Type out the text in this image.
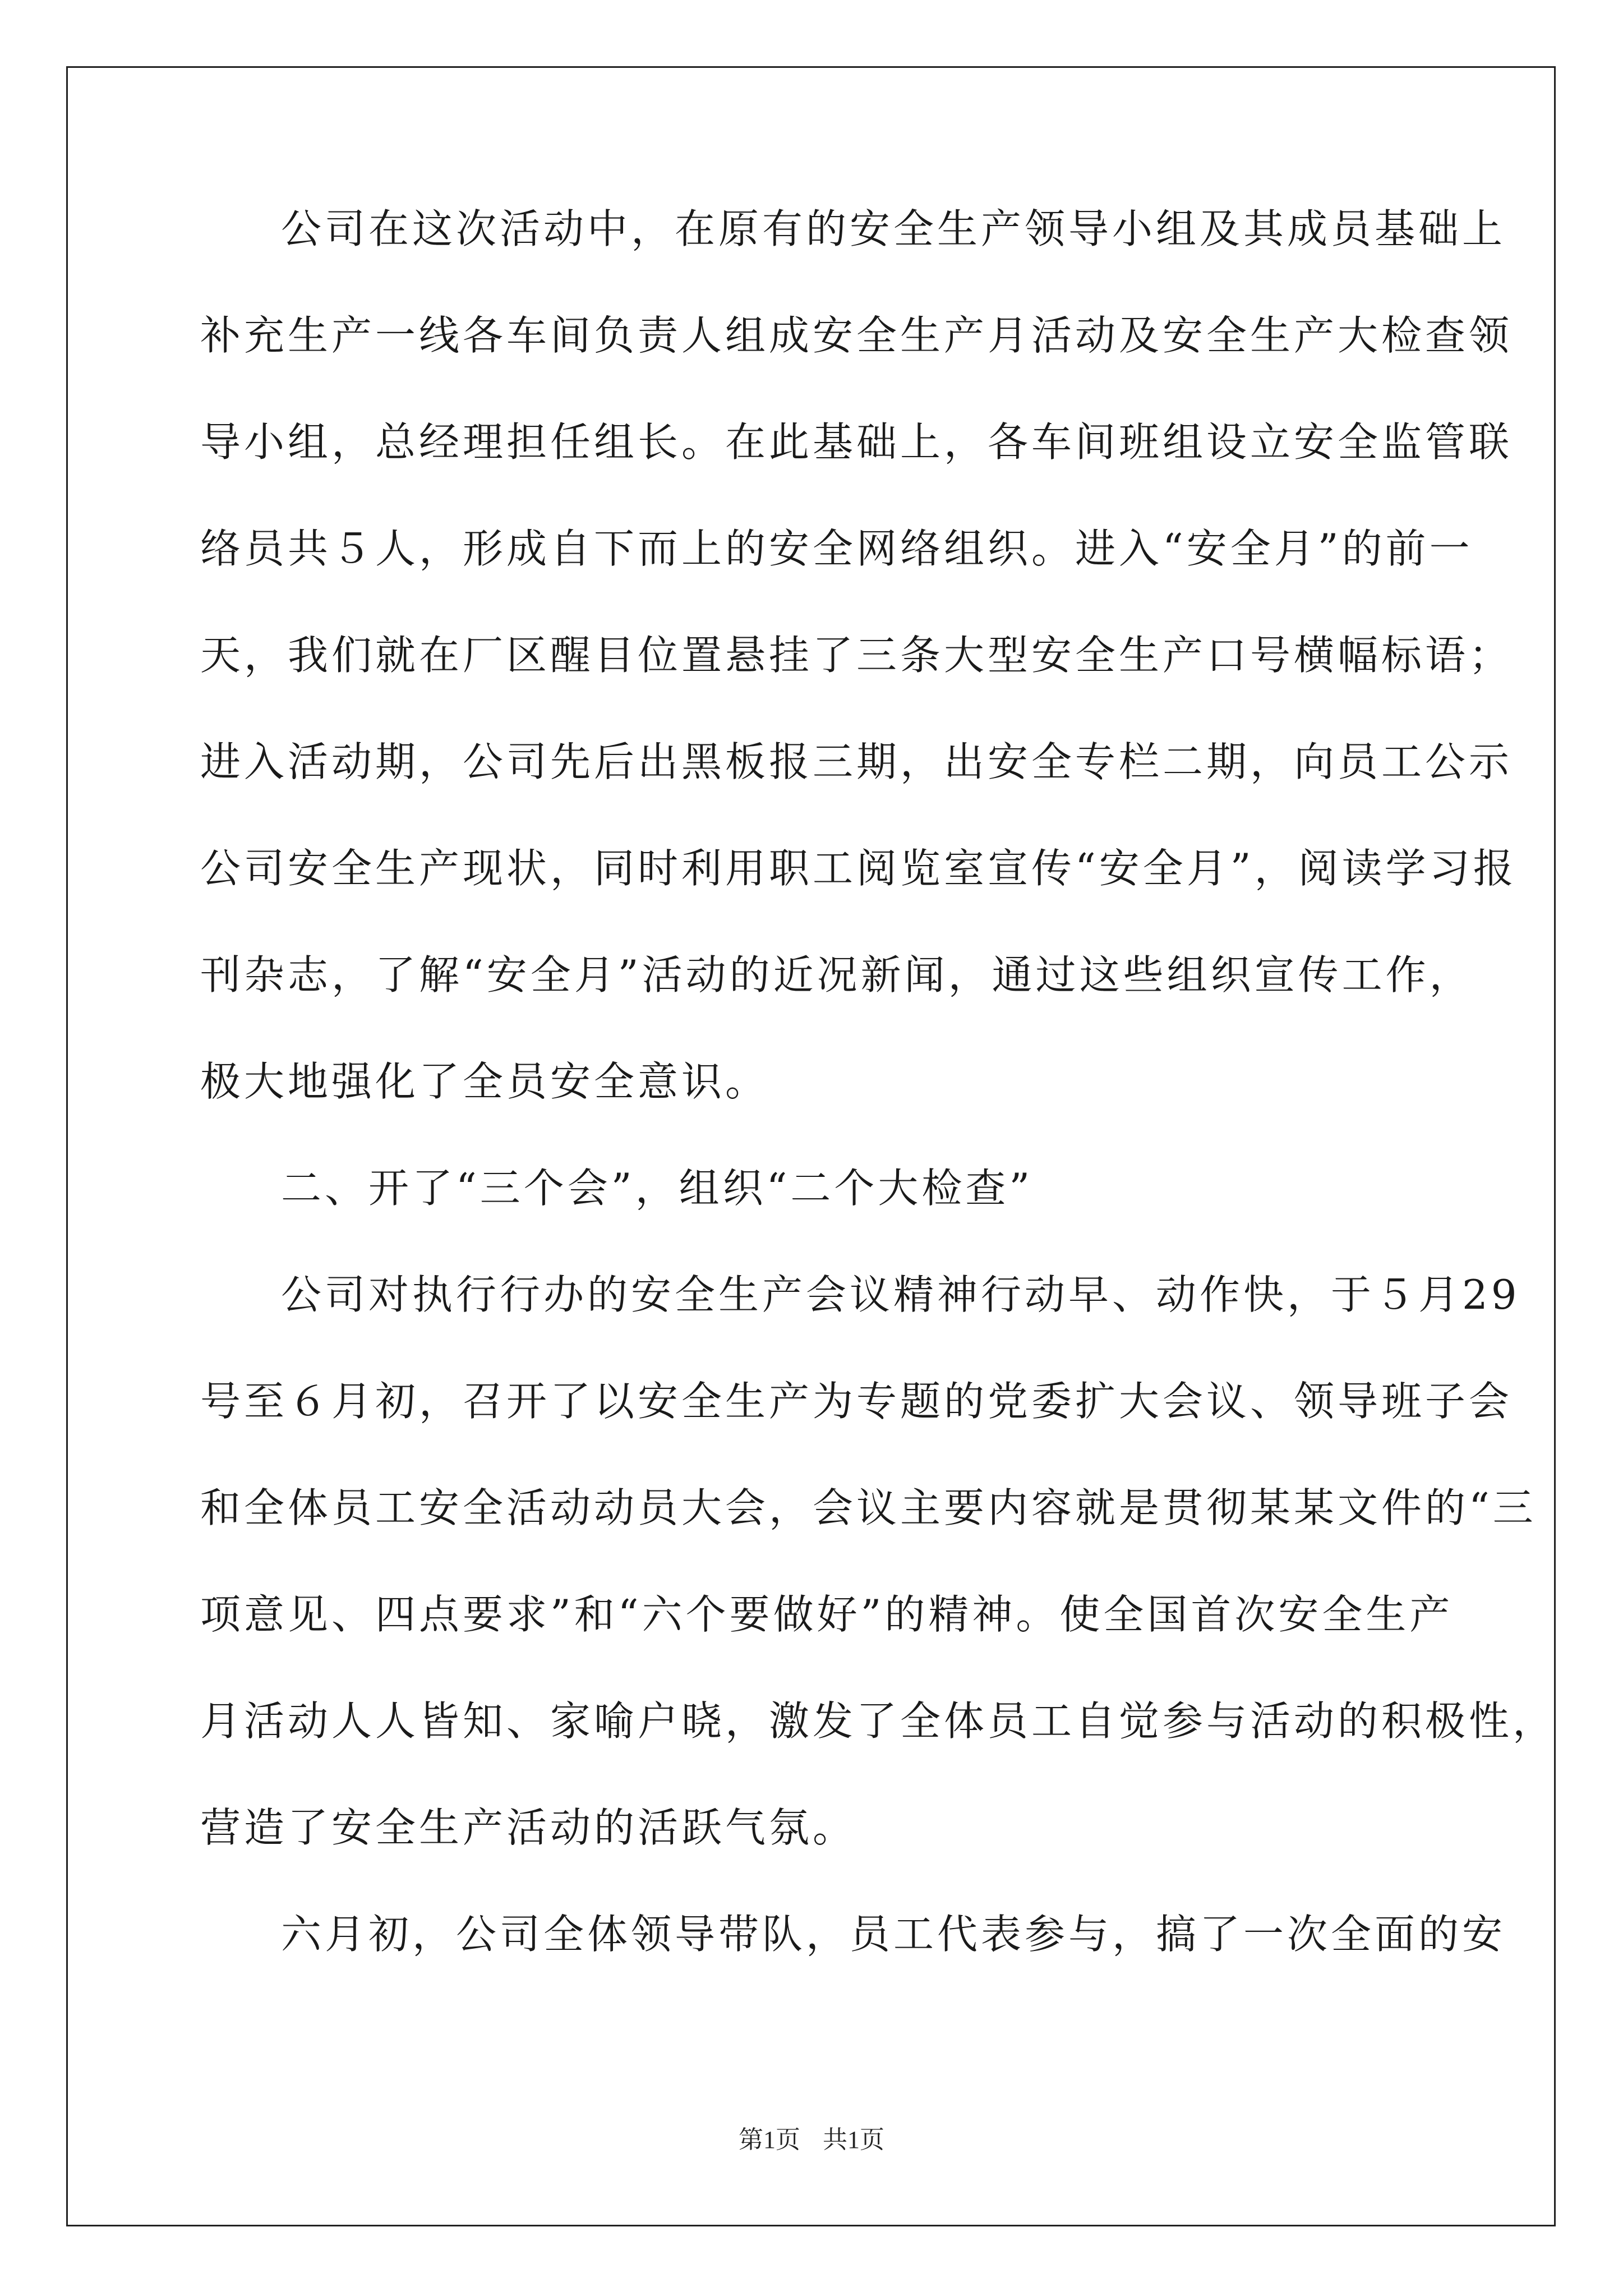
公司在这次活动中，在原有的安全生产领导小组及其成员基础上
补充生产一线各车间负责人组成安全生产月活动及安全生产大检查领
导小组，总经理担任组长。在此基础上，各车间班组设立安全监管联
络员共５人，形成自下而上的安全网络组织。进入“安全月”的前一
天，我们就在厂区醒目位置悬挂了三条大型安全生产口号横幅标语；
进入活动期，公司先后出黑板报三期，出安全专栏二期，向员工公示
公司安全生产现状，同时利用职工阅览室宣传“安全月”，阅读学习报
刊杂志，了解“安全月”活动的近况新闻，通过这些组织宣传工作，
极大地强化了全员安全意识。
二、开了“三个会”，组织“二个大检查”
公司对执行行办的安全生产会议精神行动早、动作快，于５月29
号至６月初，召开了以安全生产为专题的党委扩大会议、领导班子会
和全体员工安全活动动员大会，会议主要内容就是贯彻某某文件的“三
项意见、四点要求”和“六个要做好”的精神。使全国首次安全生产
月活动人人皆知、家喻户晓，激发了全体员工自觉参与活动的积极性，
营造了安全生产活动的活跃气氛。
六月初，公司全体领导带队，员工代表参与，搞了一次全面的安
第1页 共1页
